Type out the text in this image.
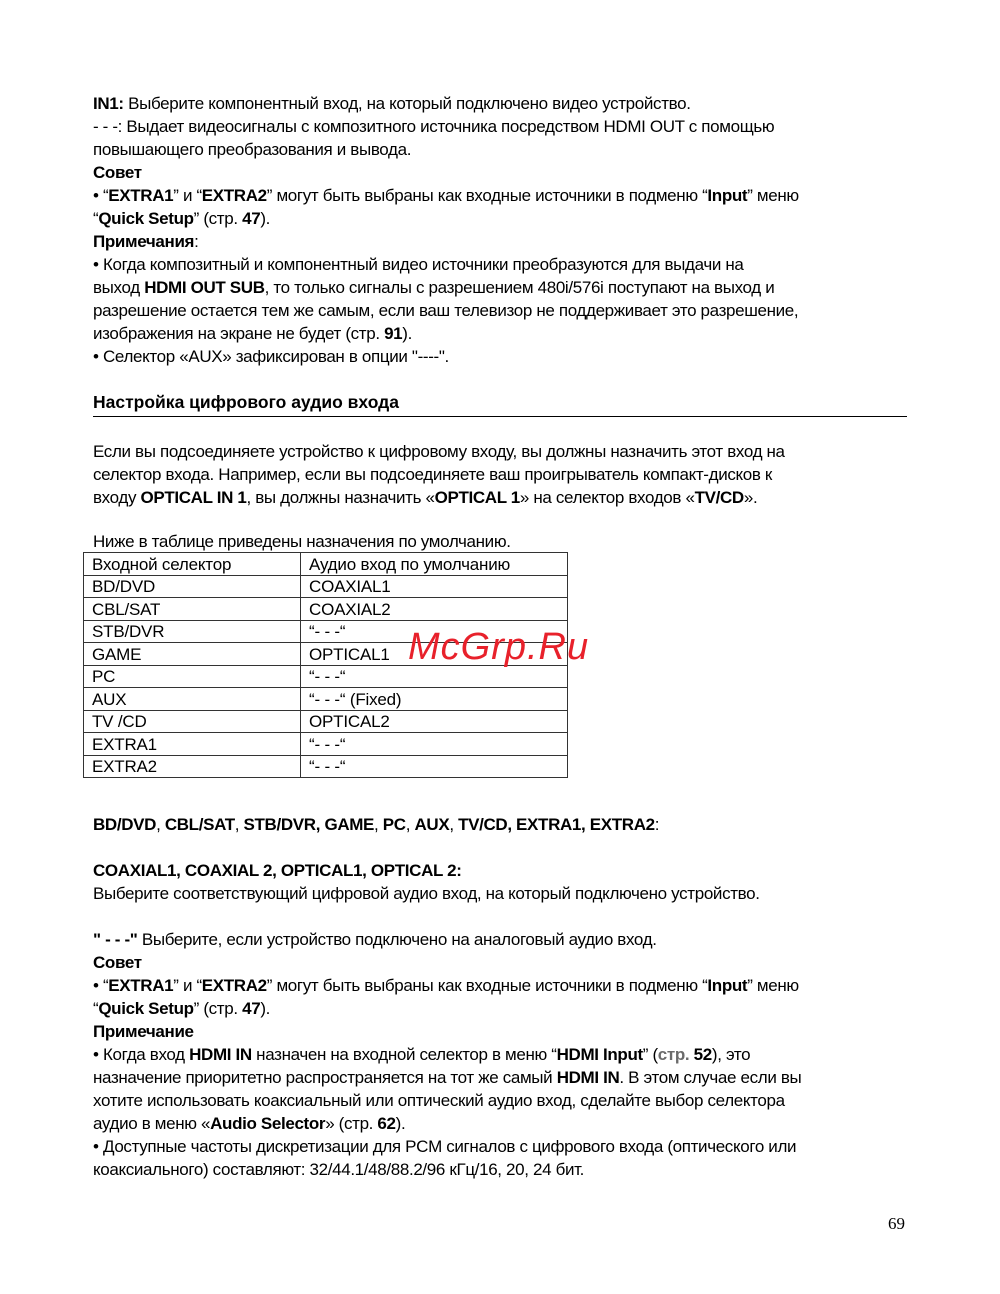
IN1: Выберите компонентный вход, на который подключено видео устройство.
- - -: Выдает видеосигналы с композитного источника посредством HDMI OUT с помощью
повышающего преобразования и вывода.
Совет
• “EXTRA1” и “EXTRA2” могут быть выбраны как входные источники в подменю “Input” меню
“Quick Setup” (стр. 47).
Примечания:
• Когда композитный и компонентный видео источники преобразуются для выдачи на
выход HDMI OUT SUB, то только сигналы с разрешением 480i/576i поступают на выход и
разрешение остается тем же самым, если ваш телевизор не поддерживает это разрешение,
изображения на экране не будет (стр. 91).
• Селектор «AUX» зафиксирован в опции "----".
Настройка цифрового аудио входа
Если вы подсоединяете устройство к цифровому входу, вы должны назначить этот вход на
селектор входа. Например, если вы подсоединяете ваш проигрыватель компакт-дисков к
входу OPTICAL IN 1, вы должны назначить «OPTICAL 1» на селектор входов «TV/CD».
Ниже в таблице приведены назначения по умолчанию.
Входной селектор	Аудио вход по умолчанию
BD/DVD	COAXIAL1
CBL/SAT	COAXIAL2
STB/DVR	“- - -“
GAME	OPTICAL1
PC	“- - -“
AUX	“- - -“ (Fixed)
TV /CD	OPTICAL2
EXTRA1	“- - -“
EXTRA2	“- - -“
McGrp.Ru
BD/DVD, CBL/SAT, STB/DVR, GAME, PC, AUX, TV/CD, EXTRA1, EXTRA2:
COAXIAL1, COAXIAL 2, OPTICAL1, OPTICAL 2:
Выберите соответствующий цифровой аудио вход, на который подключено устройство.
" - - -" Выберите, если устройство подключено на аналоговый аудио вход.
Совет
• “EXTRA1” и “EXTRA2” могут быть выбраны как входные источники в подменю “Input” меню
“Quick Setup” (стр. 47).
Примечание
• Когда вход HDMI IN назначен на входной селектор в меню “HDMI Input” (стр. 52), это
назначение приоритетно распространяется на тот же самый HDMI IN. В этом случае если вы
хотите использовать коаксиальный или оптический аудио вход, сделайте выбор селектора
аудио в меню «Audio Selector» (стр. 62).
• Доступные частоты дискретизации для PCM сигналов с цифрового входа (оптического или
коаксиального) составляют: 32/44.1/48/88.2/96 кГц/16, 20, 24 бит.
69
